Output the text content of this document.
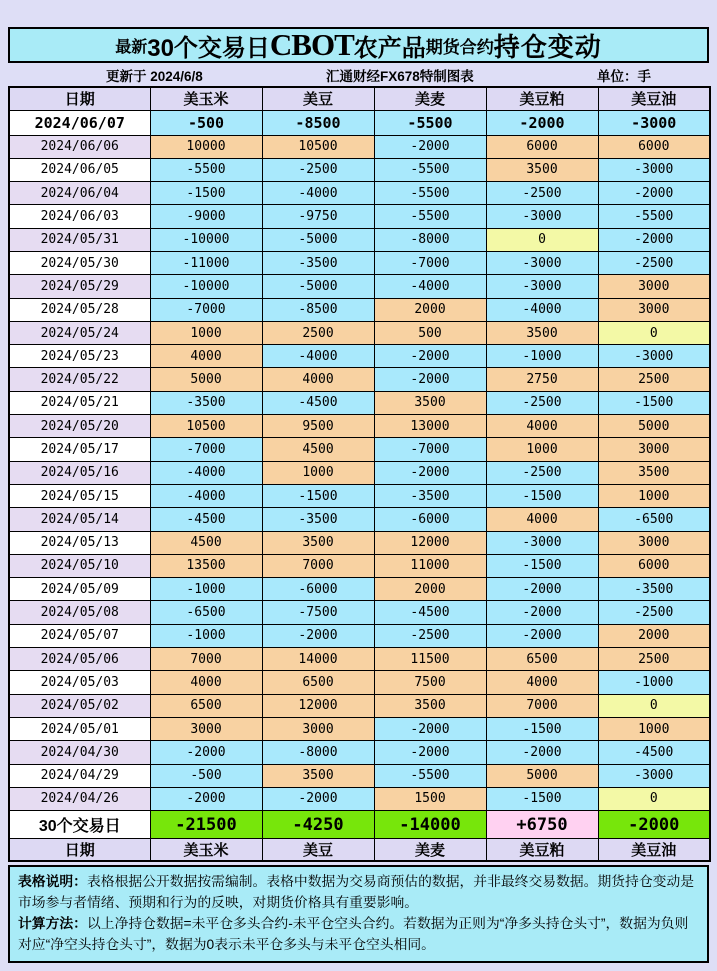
最新 30个交易日 CBOT 农产品 期货合约 持仓变动
更新于 2024/6/8	汇通财经FX678特制图表	单位：手
日期	美玉米	美豆	美麦	美豆粕	美豆油
2024/06/07	-500	-8500	-5500	-2000	-3000
2024/06/06	10000	10500	-2000	6000	6000
2024/06/05	-5500	-2500	-5500	3500	-3000
2024/06/04	-1500	-4000	-5500	-2500	-2000
2024/06/03	-9000	-9750	-5500	-3000	-5500
2024/05/31	-10000	-5000	-8000	0	-2000
2024/05/30	-11000	-3500	-7000	-3000	-2500
2024/05/29	-10000	-5000	-4000	-3000	3000
2024/05/28	-7000	-8500	2000	-4000	3000
2024/05/24	1000	2500	500	3500	0
2024/05/23	4000	-4000	-2000	-1000	-3000
2024/05/22	5000	4000	-2000	2750	2500
2024/05/21	-3500	-4500	3500	-2500	-1500
2024/05/20	10500	9500	13000	4000	5000
2024/05/17	-7000	4500	-7000	1000	3000
2024/05/16	-4000	1000	-2000	-2500	3500
2024/05/15	-4000	-1500	-3500	-1500	1000
2024/05/14	-4500	-3500	-6000	4000	-6500
2024/05/13	4500	3500	12000	-3000	3000
2024/05/10	13500	7000	11000	-1500	6000
2024/05/09	-1000	-6000	2000	-2000	-3500
2024/05/08	-6500	-7500	-4500	-2000	-2500
2024/05/07	-1000	-2000	-2500	-2000	2000
2024/05/06	7000	14000	11500	6500	2500
2024/05/03	4000	6500	7500	4000	-1000
2024/05/02	6500	12000	3500	7000	0
2024/05/01	3000	3000	-2000	-1500	1000
2024/04/30	-2000	-8000	-2000	-2000	-4500
2024/04/29	-500	3500	-5500	5000	-3000
2024/04/26	-2000	-2000	1500	-1500	0
30个交易日	-21500	-4250	-14000	+6750	-2000
日期	美玉米	美豆	美麦	美豆粕	美豆油

表格说明：表格根据公开数据按需编制。表格中数据为交易商预估的数据，并非最终交易数据。期货持仓变动是市场参与者情绪、预期和行为的反映，对期货价格具有重要影响。

计算方法：以上净持仓数据=未平仓多头合约-未平仓空头合约。若数据为正则为“净多头持仓头寸”，数据为负则对应“净空头持仓头寸”，数据为0表示未平仓多头与未平仓空头相同。
